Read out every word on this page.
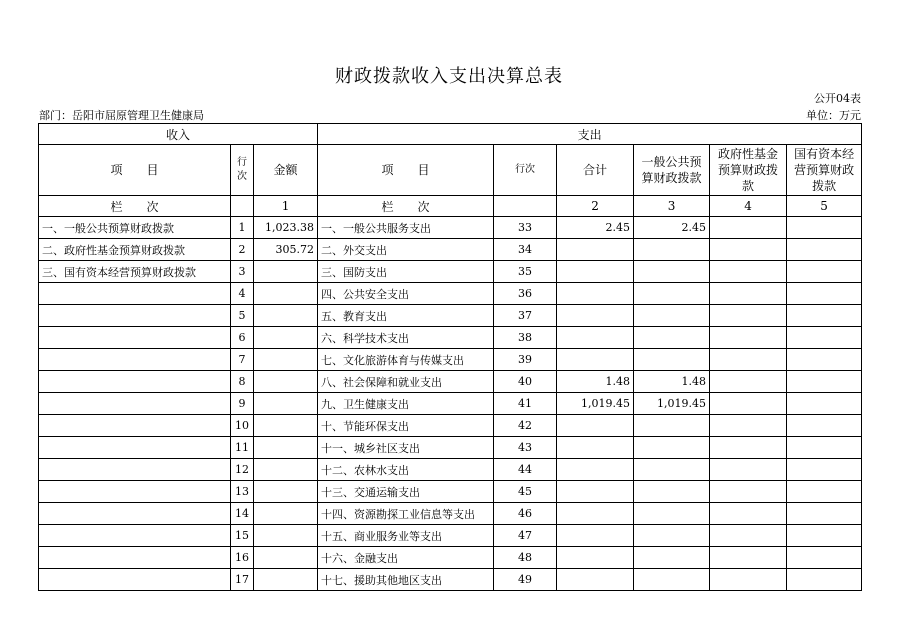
财政拨款收入支出决算总表
公开04表
部门：岳阳市屈原管理卫生健康局	单位：万元
收入			支出					
项　　目	行次	金额	项　　目	行次	合计	一般公共预算财政拨款	政府性基金预算财政拨款	国有资本经营预算财政拨款
栏　　次		1	栏　　次		2	3	4	5
一、一般公共预算财政拨款	1	1,023.38	一、一般公共服务支出	33	2.45	2.45		
二、政府性基金预算财政拨款	2	305.72	二、外交支出	34				
三、国有资本经营预算财政拨款	3		三、国防支出	35				
	4		四、公共安全支出	36				
	5		五、教育支出	37				
	6		六、科学技术支出	38				
	7		七、文化旅游体育与传媒支出	39				
	8		八、社会保障和就业支出	40	1.48	1.48		
	9		九、卫生健康支出	41	1,019.45	1,019.45		
	10		十、节能环保支出	42				
	11		十一、城乡社区支出	43				
	12		十二、农林水支出	44				
	13		十三、交通运输支出	45				
	14		十四、资源勘探工业信息等支出	46				
	15		十五、商业服务业等支出	47				
	16		十六、金融支出	48				
	17		十七、援助其他地区支出	49				
